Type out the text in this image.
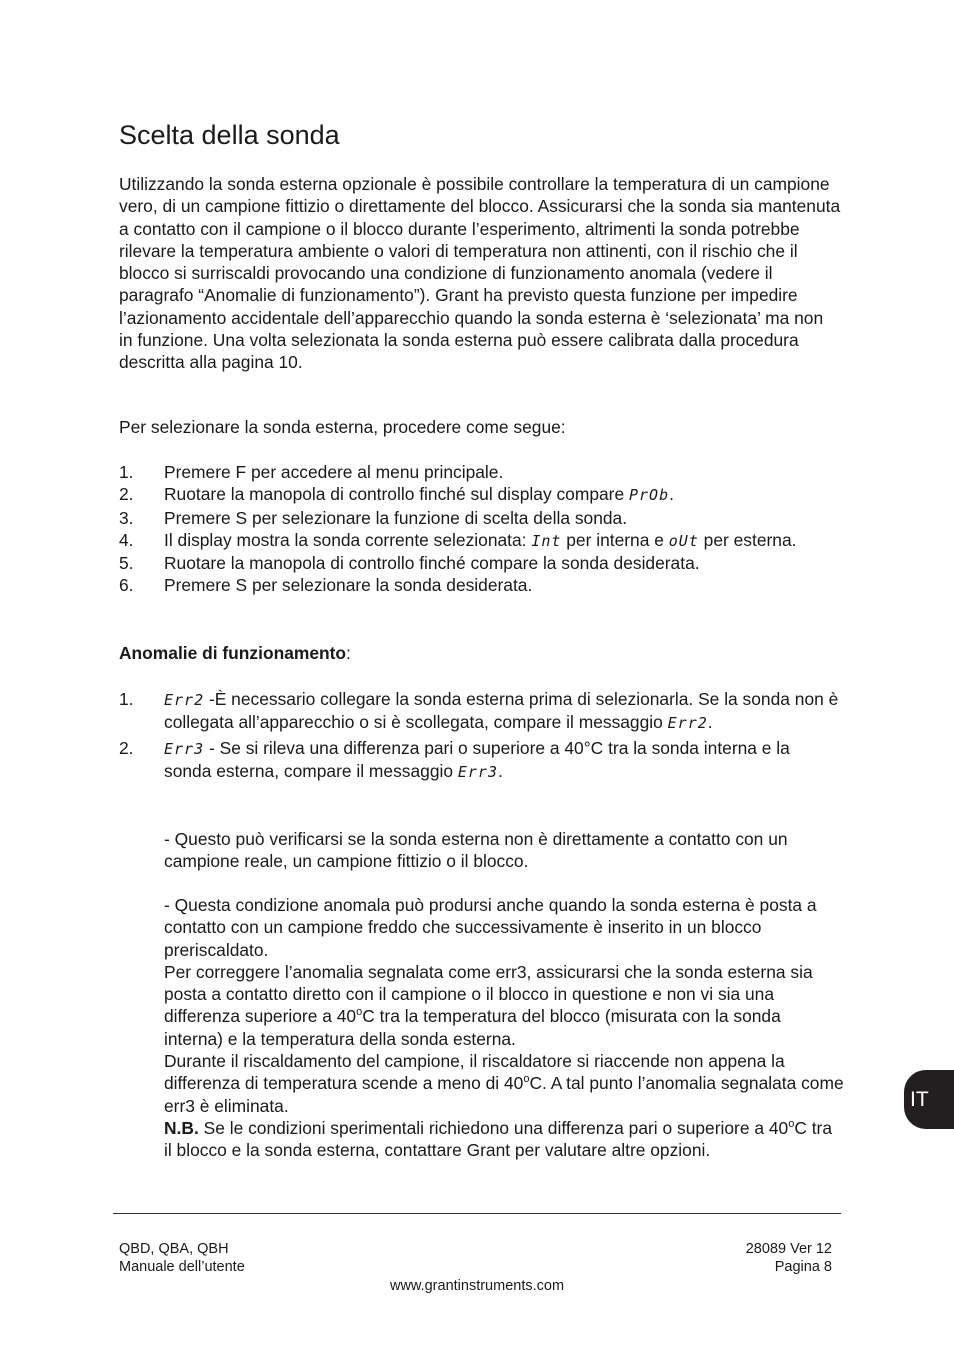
Scelta della sonda

Utilizzando la sonda esterna opzionale è possibile controllare la temperatura di un campione vero, di un campione fittizio o direttamente del blocco. Assicurarsi che la sonda sia mantenuta a contatto con il campione o il blocco durante l’esperimento, altrimenti la sonda potrebbe rilevare la temperatura ambiente o valori di temperatura non attinenti, con il rischio che il blocco si surriscaldi provocando una condizione di funzionamento anomala (vedere il paragrafo “Anomalie di funzionamento”). Grant ha previsto questa funzione per impedire l’azionamento accidentale dell’apparecchio quando la sonda esterna è ‘selezionata’ ma non in funzione. Una volta selezionata la sonda esterna può essere calibrata dalla procedura descritta alla pagina 10.

Per selezionare la sonda esterna, procedere come segue:

1. Premere F per accedere al menu principale.
2. Ruotare la manopola di controllo finché sul display compare PrOb.
3. Premere S per selezionare la funzione di scelta della sonda.
4. Il display mostra la sonda corrente selezionata: Int per interna e oUt per esterna.
5. Ruotare la manopola di controllo finché compare la sonda desiderata.
6. Premere S per selezionare la sonda desiderata.

Anomalie di funzionamento:

1. Err2 -È necessario collegare la sonda esterna prima di selezionarla. Se la sonda non è collegata all’apparecchio o si è scollegata, compare il messaggio Err2.
2. Err3 - Se si rileva una differenza pari o superiore a 40°C tra la sonda interna e la sonda esterna, compare il messaggio Err3.

- Questo può verificarsi se la sonda esterna non è direttamente a contatto con un campione reale, un campione fittizio o il blocco.

- Questa condizione anomala può prodursi anche quando la sonda esterna è posta a contatto con un campione freddo che successivamente è inserito in un blocco preriscaldato.

Per correggere l’anomalia segnalata come err3, assicurarsi che la sonda esterna sia posta a contatto diretto con il campione o il blocco in questione e non vi sia una differenza superiore a 40$^o$C tra la temperatura del blocco (misurata con la sonda interna) e la temperatura della sonda esterna.

Durante il riscaldamento del campione, il riscaldatore si riaccende non appena la differenza di temperatura scende a meno di 40$^o$C. A tal punto l’anomalia segnalata come err3 è eliminata.

N.B. Se le condizioni sperimentali richiedono una differenza pari o superiore a 40$^o$C tra il blocco e la sonda esterna, contattare Grant per valutare altre opzioni.

IT

QBD, QBA, QBH
Manuale dell’utente

28089 Ver 12
Pagina 8

www.grantinstruments.com
